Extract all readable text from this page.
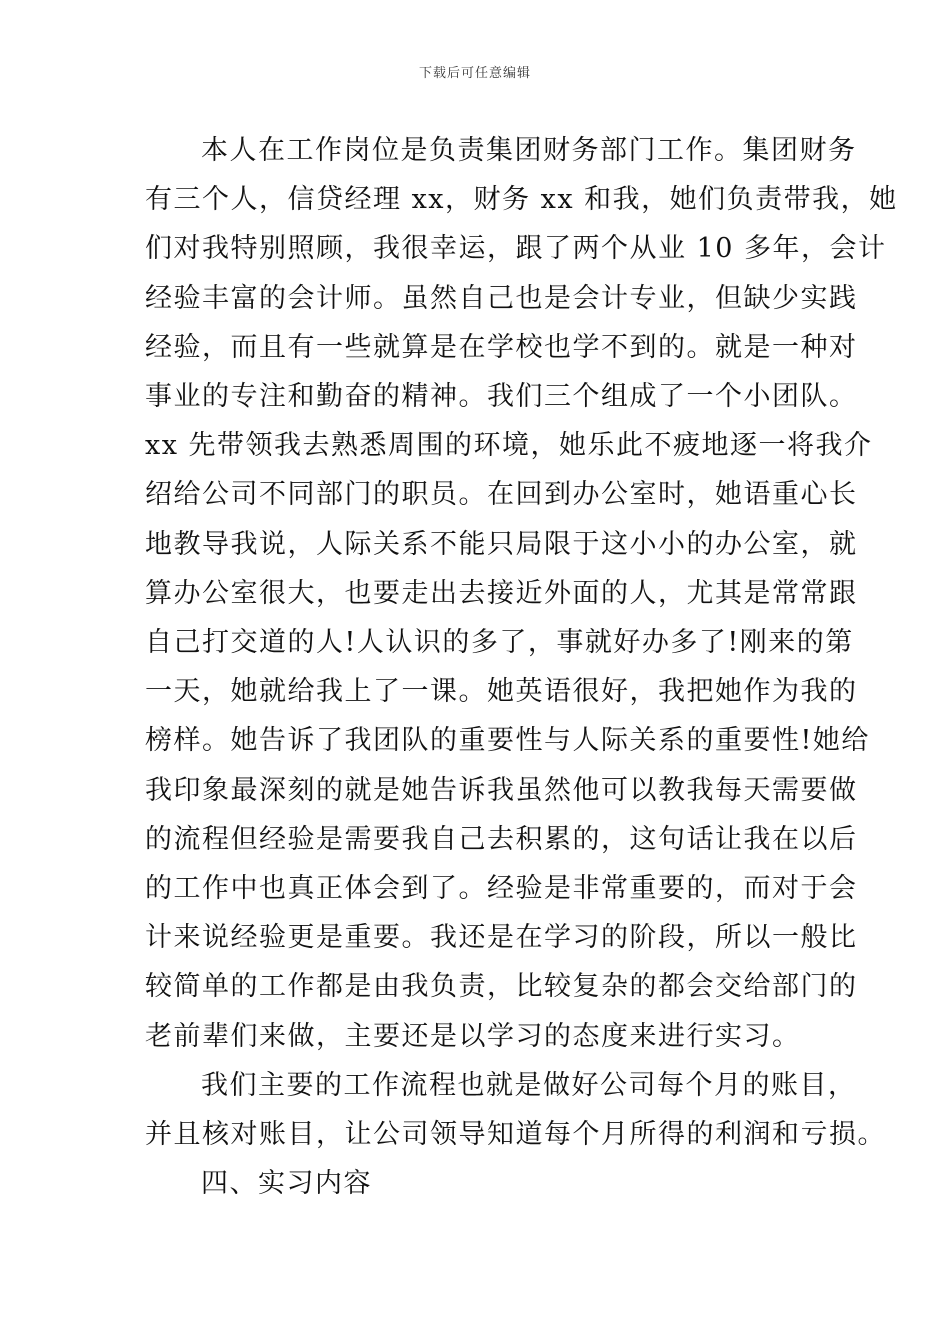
下载后可任意编辑
本人在工作岗位是负责集团财务部门工作。集团财务
有三个人，信贷经理 xx，财务 xx 和我，她们负责带我，她
们对我特别照顾，我很幸运，跟了两个从业 10 多年，会计
经验丰富的会计师。虽然自己也是会计专业，但缺少实践
经验，而且有一些就算是在学校也学不到的。就是一种对
事业的专注和勤奋的精神。我们三个组成了一个小团队。
xx 先带领我去熟悉周围的环境，她乐此不疲地逐一将我介
绍给公司不同部门的职员。在回到办公室时，她语重心长
地教导我说，人际关系不能只局限于这小小的办公室，就
算办公室很大，也要走出去接近外面的人，尤其是常常跟
自己打交道的人!人认识的多了，事就好办多了!刚来的第
一天，她就给我上了一课。她英语很好，我把她作为我的
榜样。她告诉了我团队的重要性与人际关系的重要性!她给
我印象最深刻的就是她告诉我虽然他可以教我每天需要做
的流程但经验是需要我自己去积累的，这句话让我在以后
的工作中也真正体会到了。经验是非常重要的，而对于会
计来说经验更是重要。我还是在学习的阶段，所以一般比
较简单的工作都是由我负责，比较复杂的都会交给部门的
老前辈们来做，主要还是以学习的态度来进行实习。
我们主要的工作流程也就是做好公司每个月的账目，
并且核对账目，让公司领导知道每个月所得的利润和亏损。
四、实习内容
